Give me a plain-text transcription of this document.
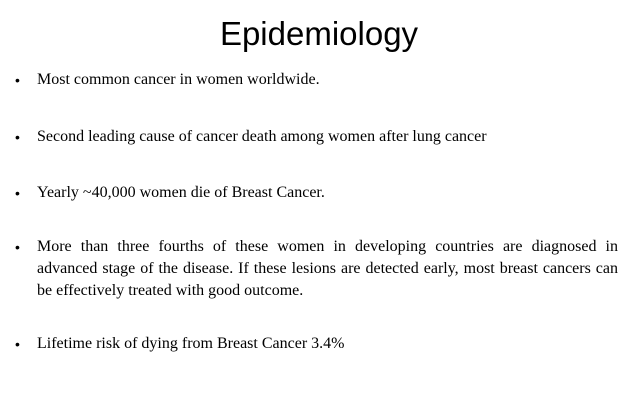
Epidemiology
•	Most common cancer in women worldwide.
•	Second leading cause of cancer death among women after lung cancer
•	Yearly ~40,000 women die of Breast Cancer.
•	More than three fourths of these women in developing countries are diagnosed in advanced stage of the disease. If these lesions are detected early, most breast cancers can be effectively treated with good outcome.
•	Lifetime risk of dying from Breast Cancer 3.4%
